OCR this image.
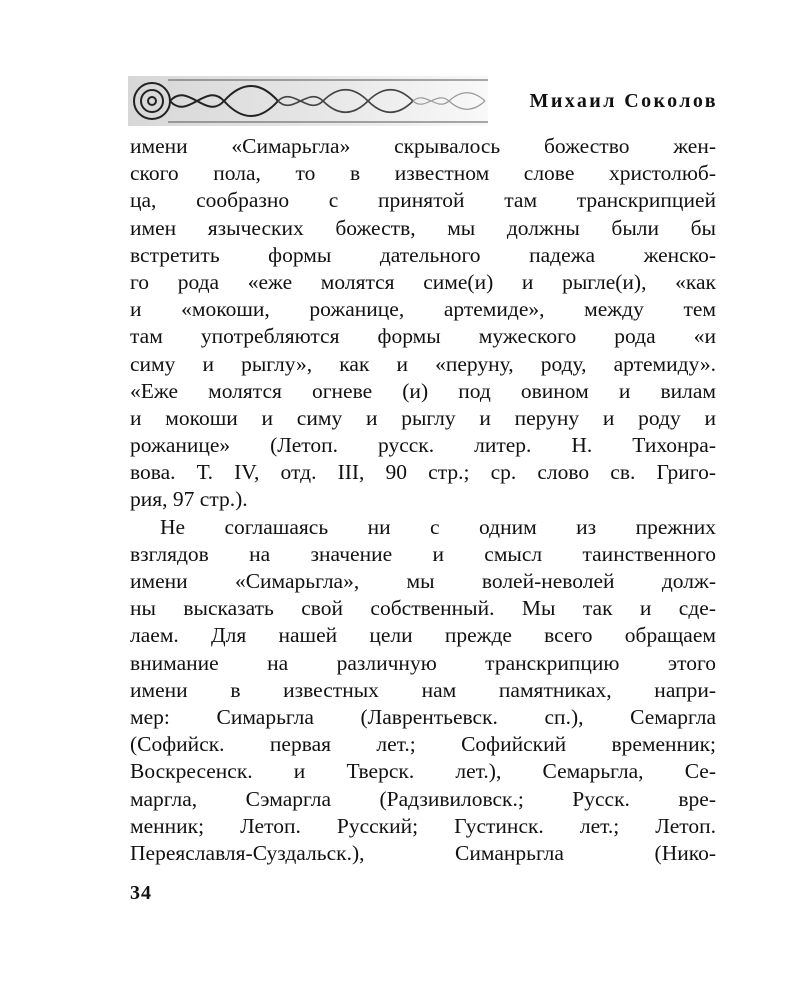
Михаил Соколов
имени «Симарьгла» скрывалось божество жен-
ского пола, то в известном слове христолюб-
ца, сообразно с принятой там транскрипцией
имен языческих божеств, мы должны были бы
встретить формы дательного падежа женско-
го рода «еже молятся симе(и) и рыгле(и), «как
и «мокоши, рожанице, артемиде», между тем
там употребляются формы мужеского рода «и
симу и рыглу», как и «перуну, роду, артемиду».
«Еже молятся огневе (и) под овином и вилам
и мокоши и симу и рыглу и перуну и роду и
рожанице» (Летоп. русск. литер. Н. Тихонра-
вова. Т. IV, отд. III, 90 стр.; ср. слово св. Григо-
рия, 97 стр.).
Не соглашаясь ни с одним из прежних
взглядов на значение и смысл таинственного
имени «Симарьгла», мы волей-неволей долж-
ны высказать свой собственный. Мы так и сде-
лаем. Для нашей цели прежде всего обращаем
внимание на различную транскрипцию этого
имени в известных нам памятниках, напри-
мер: Симарьгла (Лаврентьевск. сп.), Семаргла
(Софийск. первая лет.; Софийский временник;
Воскресенск. и Тверск. лет.), Семарьгла, Се-
маргла, Сэмаргла (Радзивиловск.; Русск. вре-
менник; Летоп. Русский; Густинск. лет.; Летоп.
Переяславля-Суздальск.), Симанрьгла (Нико-
34
